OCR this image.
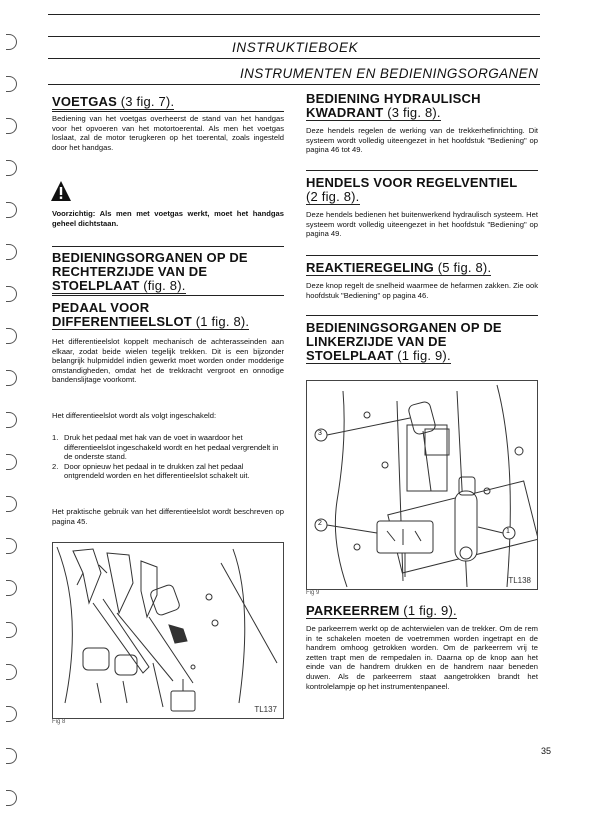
INSTRUKTIEBOEK
INSTRUMENTEN EN BEDIENINGSORGANEN
VOETGAS (3 fig. 7).
Bediening van het voetgas overheerst de stand van het handgas voor het opvoeren van het motortoerental. Als men het voetgas loslaat, zal de motor terugkeren op het toerental, zoals ingesteld door het handgas.
Voorzichtig: Als men met voetgas werkt, moet het handgas geheel dichtstaan.
BEDIENINGSORGANEN OP DE
RECHTERZIJDE VAN DE
STOELPLAAT (fig. 8).
PEDAAL VOOR
DIFFERENTIEELSLOT (1 fig. 8).
Het differentieelslot koppelt mechanisch de achterasseinden aan elkaar, zodat beide wielen tegelijk trekken. Dit is een bijzonder belangrijk hulpmiddel indien gewerkt moet worden onder modderige omstandigheden, omdat het de trekkracht vergroot en onnodige bandenslijtage voorkomt.
Het differentieelslot wordt als volgt ingeschakeld:
1. Druk het pedaal met hak van de voet in waardoor het differentieelslot ingeschakeld wordt en het pedaal vergrendelt in de onderste stand.
2. Door opnieuw het pedaal in te drukken zal het pedaal ontgrendeld worden en het differentieelslot schakelt uit.
Het praktische gebruik van het differentieelslot wordt beschreven op pagina 45.
TL137
Fig 8
BEDIENING HYDRAULISCH
KWADRANT (3 fig. 8).
Deze hendels regelen de werking van de trekkerhefinrichting. Dit systeem wordt volledig uiteengezet in het hoofdstuk "Bediening" op pagina 46 tot 49.
HENDELS VOOR REGELVENTIEL
(2 fig. 8).
Deze hendels bedienen het buitenwerkend hydraulisch systeem. Het systeem wordt volledig uiteengezet in het hoofdstuk "Bediening" op pagina 49.
REAKTIEREGELING (5 fig. 8).
Deze knop regelt de snelheid waarmee de hefarmen zakken. Zie ook hoofdstuk "Bediening" op pagina 46.
BEDIENINGSORGANEN OP DE
LINKERZIJDE VAN DE
STOELPLAAT (1 fig. 9).
3
2
1
TL138
Fig 9
PARKEERREM (1 fig. 9).
De parkeerrem werkt op de achterwielen van de trekker. Om de rem in te schakelen moeten de voetremmen worden ingetrapt en de handrem omhoog getrokken worden. Om de parkeerrem vrij te zetten trapt men de rempedalen in. Daarna op de knop aan het einde van de handrem drukken en de handrem naar beneden duwen. Als de parkeerrem staat aangetrokken brandt het kontrolelampje op het instrumentenpaneel.
35
